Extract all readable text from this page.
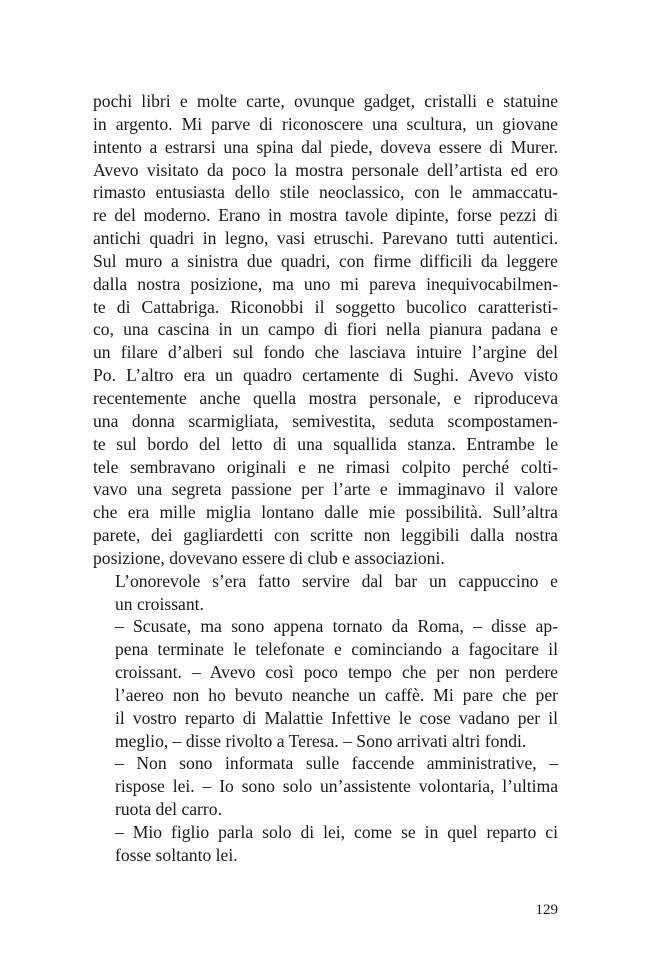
pochi libri e molte carte, ovunque gadget, cristalli e statuine
in argento. Mi parve di riconoscere una scultura, un giovane
intento a estrarsi una spina dal piede, doveva essere di Murer.
Avevo visitato da poco la mostra personale dell’artista ed ero
rimasto entusiasta dello stile neoclassico, con le ammaccatu-
re del moderno. Erano in mostra tavole dipinte, forse pezzi di
antichi quadri in legno, vasi etruschi. Parevano tutti autentici.
Sul muro a sinistra due quadri, con firme difficili da leggere
dalla nostra posizione, ma uno mi pareva inequivocabilmen-
te di Cattabriga. Riconobbi il soggetto bucolico caratteristi-
co, una cascina in un campo di fiori nella pianura padana e
un filare d’alberi sul fondo che lasciava intuire l’argine del
Po. L’altro era un quadro certamente di Sughi. Avevo visto
recentemente anche quella mostra personale, e riproduceva
una donna scarmigliata, semivestita, seduta scompostamen-
te sul bordo del letto di una squallida stanza. Entrambe le
tele sembravano originali e ne rimasi colpito perché colti-
vavo una segreta passione per l’arte e immaginavo il valore
che era mille miglia lontano dalle mie possibilità. Sull’altra
parete, dei gagliardetti con scritte non leggibili dalla nostra
posizione, dovevano essere di club e associazioni.

L’onorevole s’era fatto servire dal bar un cappuccino e
un croissant.

– Scusate, ma sono appena tornato da Roma, – disse ap-
pena terminate le telefonate e cominciando a fagocitare il
croissant. – Avevo così poco tempo che per non perdere
l’aereo non ho bevuto neanche un caffè. Mi pare che per
il vostro reparto di Malattie Infettive le cose vadano per il
meglio, – disse rivolto a Teresa. – Sono arrivati altri fondi.

– Non sono informata sulle faccende amministrative, –
rispose lei. – Io sono solo un’assistente volontaria, l’ultima
ruota del carro.

– Mio figlio parla solo di lei, come se in quel reparto ci
fosse soltanto lei.

129
